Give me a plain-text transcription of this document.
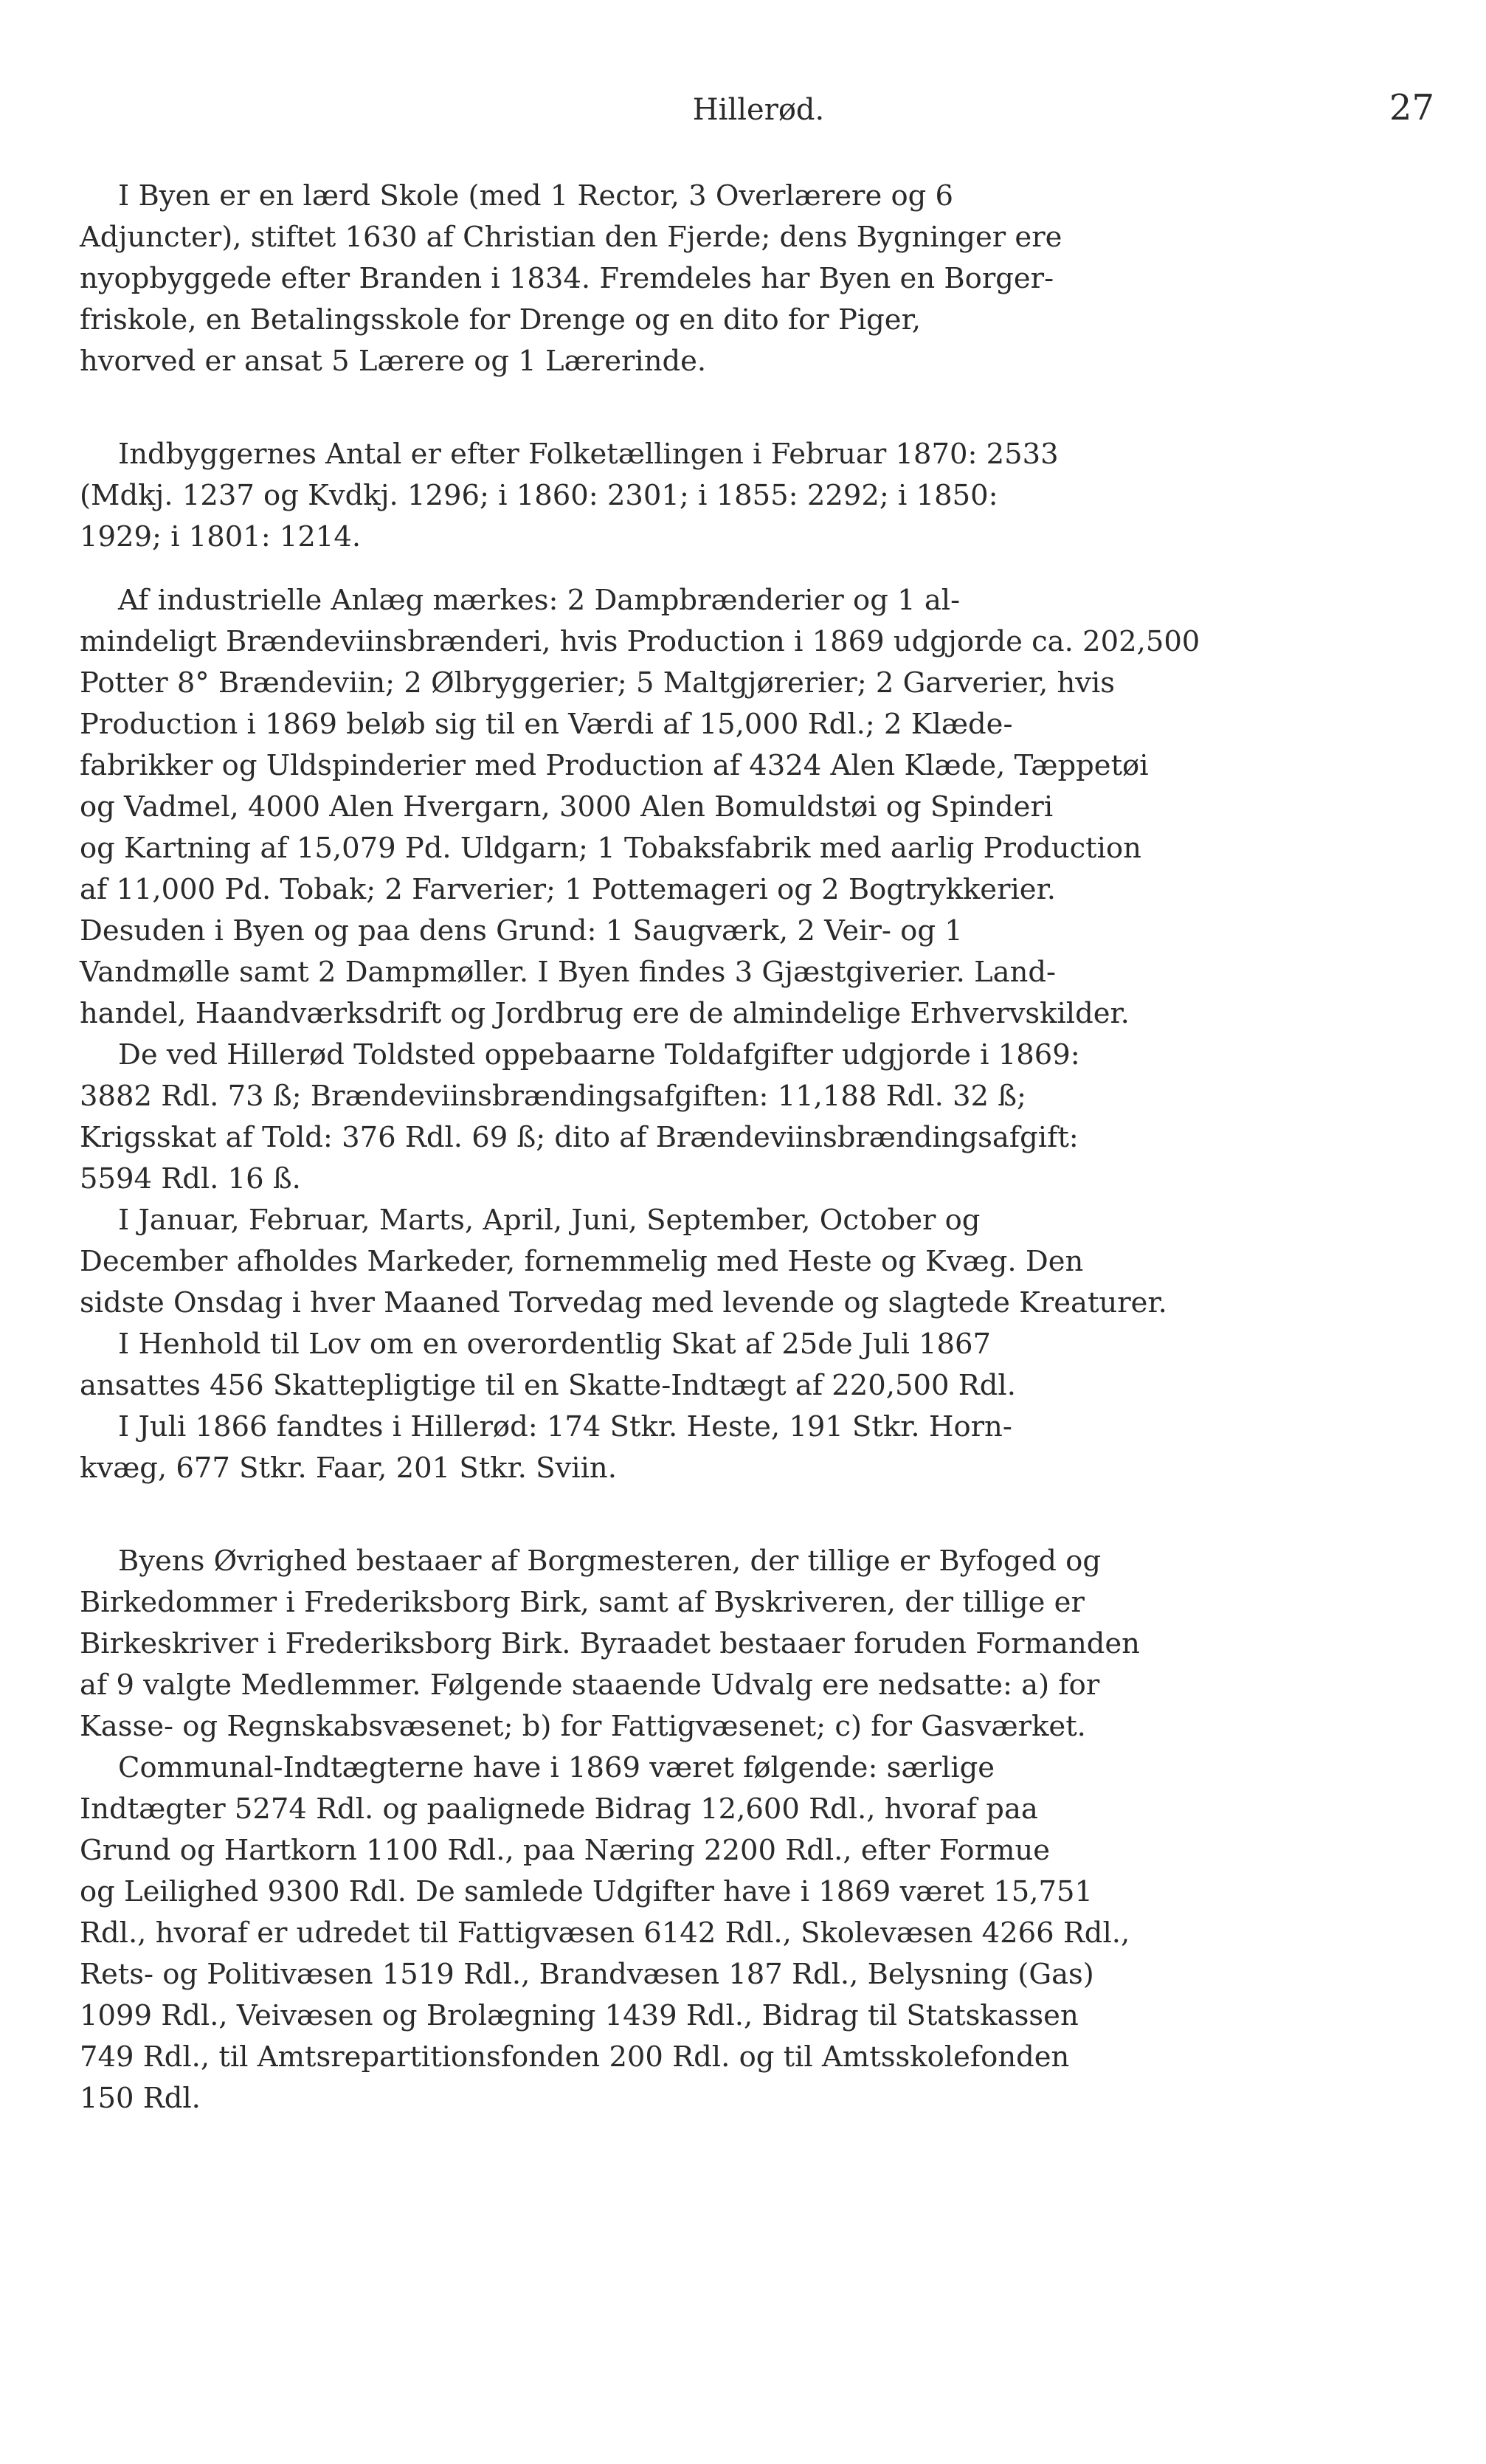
Hillerød.	27

I Byen er en lærd Skole (med 1 Rector, 3 Overlærere og 6
Adjuncter), stiftet 1630 af Christian den Fjerde; dens Bygninger ere
nyopbyggede efter Branden i 1834. Fremdeles har Byen en Borger-
friskole, en Betalingsskole for Drenge og en dito for Piger,
hvorved er ansat 5 Lærere og 1 Lærerinde.

Indbyggernes Antal er efter Folketællingen i Februar 1870: 2533
(Mdkj. 1237 og Kvdkj. 1296; i 1860: 2301; i 1855: 2292; i 1850:
1929; i 1801: 1214.

Af industrielle Anlæg mærkes: 2 Dampbrænderier og 1 al-
mindeligt Brændeviinsbrænderi, hvis Production i 1869 udgjorde ca. 202,500
Potter 8° Brændeviin; 2 Ølbryggerier; 5 Maltgjørerier; 2 Garverier, hvis
Production i 1869 beløb sig til en Værdi af 15,000 Rdl.; 2 Klæde-
fabrikker og Uldspinderier med Production af 4324 Alen Klæde, Tæppetøi
og Vadmel, 4000 Alen Hvergarn, 3000 Alen Bomuldstøi og Spinderi
og Kartning af 15,079 Pd. Uldgarn; 1 Tobaksfabrik med aarlig Production
af 11,000 Pd. Tobak; 2 Farverier; 1 Pottemageri og 2 Bogtrykkerier.
Desuden i Byen og paa dens Grund: 1 Saugværk, 2 Veir- og 1
Vandmølle samt 2 Dampmøller. I Byen findes 3 Gjæstgiverier. Land-
handel, Haandværksdrift og Jordbrug ere de almindelige Erhvervskilder.

De ved Hillerød Toldsted oppebaarne Toldafgifter udgjorde i 1869:
3882 Rdl. 73 ß; Brændeviinsbrændingsafgiften: 11,188 Rdl. 32 ß;
Krigsskat af Told: 376 Rdl. 69 ß; dito af Brændeviinsbrændingsafgift:
5594 Rdl. 16 ß.

I Januar, Februar, Marts, April, Juni, September, October og
December afholdes Markeder, fornemmelig med Heste og Kvæg. Den
sidste Onsdag i hver Maaned Torvedag med levende og slagtede Kreaturer.

I Henhold til Lov om en overordentlig Skat af 25de Juli 1867
ansattes 456 Skattepligtige til en Skatte-Indtægt af 220,500 Rdl.

I Juli 1866 fandtes i Hillerød: 174 Stkr. Heste, 191 Stkr. Horn-
kvæg, 677 Stkr. Faar, 201 Stkr. Sviin.

Byens Øvrighed bestaaer af Borgmesteren, der tillige er Byfoged og
Birkedommer i Frederiksborg Birk, samt af Byskriveren, der tillige er
Birkeskriver i Frederiksborg Birk. Byraadet bestaaer foruden Formanden
af 9 valgte Medlemmer. Følgende staaende Udvalg ere nedsatte: a) for
Kasse- og Regnskabsvæsenet; b) for Fattigvæsenet; c) for Gasværket.

Communal-Indtægterne have i 1869 været følgende: særlige
Indtægter 5274 Rdl. og paalignede Bidrag 12,600 Rdl., hvoraf paa
Grund og Hartkorn 1100 Rdl., paa Næring 2200 Rdl., efter Formue
og Leilighed 9300 Rdl. De samlede Udgifter have i 1869 været 15,751
Rdl., hvoraf er udredet til Fattigvæsen 6142 Rdl., Skolevæsen 4266 Rdl.,
Rets- og Politivæsen 1519 Rdl., Brandvæsen 187 Rdl., Belysning (Gas)
1099 Rdl., Veivæsen og Brolægning 1439 Rdl., Bidrag til Statskassen
749 Rdl., til Amtsrepartitionsfonden 200 Rdl. og til Amtsskolefonden
150 Rdl.
